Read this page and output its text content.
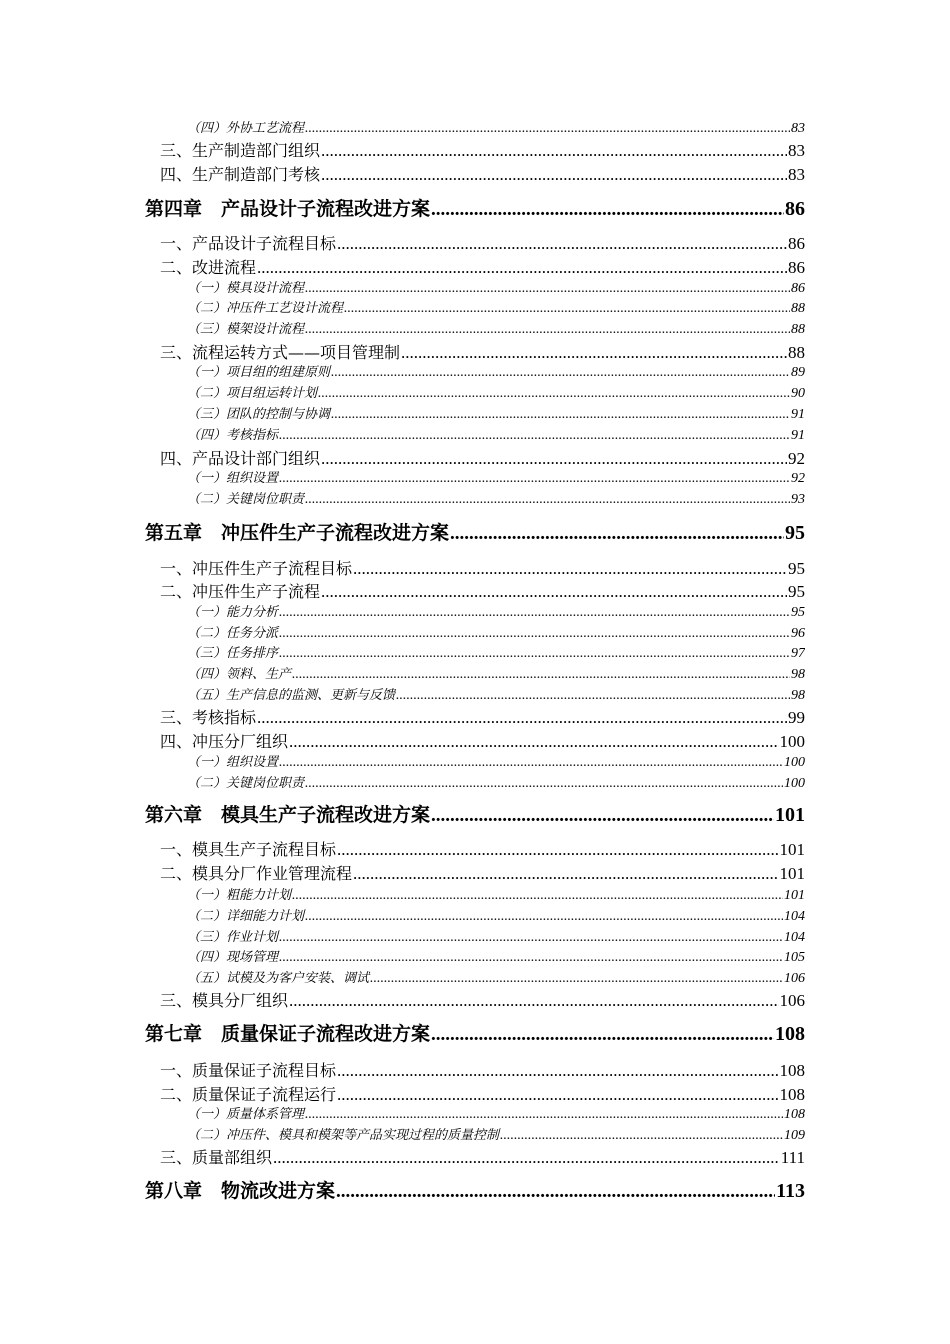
（四）外协工艺流程 .....	83
三、生产制造部门组织 .....	83
四、生产制造部门考核 .....	83
第四章　产品设计子流程改进方案 .....	86
一、产品设计子流程目标 .....	86
二、改进流程 .....	86
（一）模具设计流程 .....	86
（二）冲压件工艺设计流程 .....	88
（三）模架设计流程 .....	88
三、流程运转方式——项目管理制 .....	88
（一）项目组的组建原则 .....	89
（二）项目组运转计划 .....	90
（三）团队的控制与协调 .....	91
（四）考核指标 .....	91
四、产品设计部门组织 .....	92
（一）组织设置 .....	92
（二）关键岗位职责 .....	93
第五章　冲压件生产子流程改进方案 .....	95
一、冲压件生产子流程目标 .....	95
二、冲压件生产子流程 .....	95
（一）能力分析 .....	95
（二）任务分派 .....	96
（三）任务排序 .....	97
（四）领料、生产 .....	98
（五）生产信息的监测、更新与反馈 .....	98
三、考核指标 .....	99
四、冲压分厂组织 .....	100
（一）组织设置 .....	100
（二）关键岗位职责 .....	100
第六章　模具生产子流程改进方案 .....	101
一、模具生产子流程目标 .....	101
二、模具分厂作业管理流程 .....	101
（一）粗能力计划 .....	101
（二）详细能力计划 .....	104
（三）作业计划 .....	104
（四）现场管理 .....	105
（五）试模及为客户安装、调试 .....	106
三、模具分厂组织 .....	106
第七章　质量保证子流程改进方案 .....	108
一、质量保证子流程目标 .....	108
二、质量保证子流程运行 .....	108
（一）质量体系管理 .....	108
（二）冲压件、模具和模架等产品实现过程的质量控制 .....	109
三、质量部组织 .....	111
第八章　物流改进方案 .....	113
